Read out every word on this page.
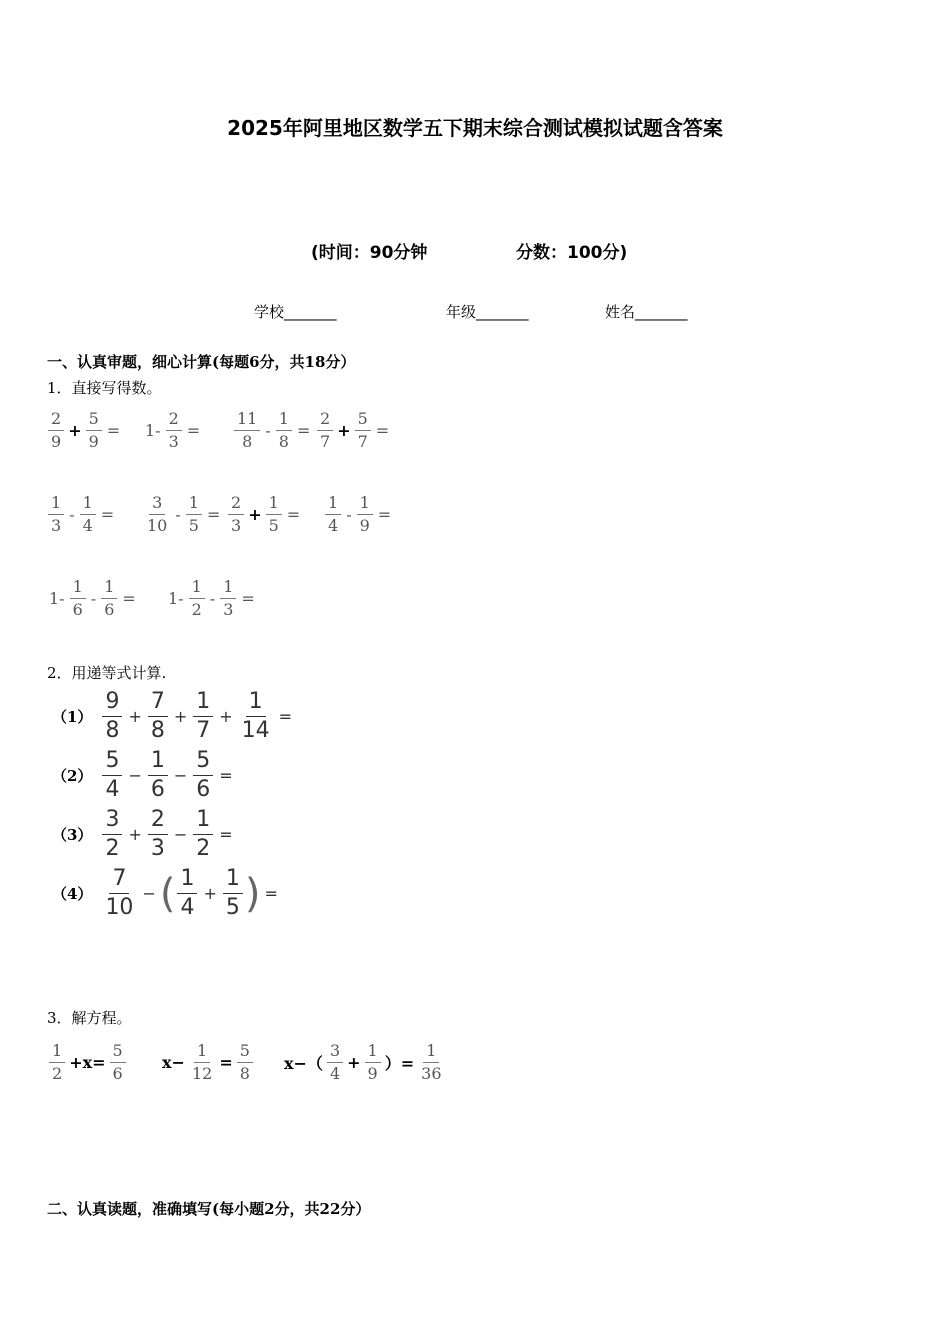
2025年阿里地区数学五下期末综合测试模拟试题含答案
(时间：90分钟	分数：100分)
学校_______	年级_______	姓名_______
一、认真审题，细心计算(每题6分，共18分）
1．直接写得数。
$\frac{2}{9} + \frac{5}{9} = 1- \frac{2}{3} = \frac{11}{8} - \frac{1}{8} = \frac{2}{7} + \frac{5}{7}$ =
$\frac{1}{3} - \frac{1}{4} = \frac{3}{10} - \frac{1}{5} = \frac{2}{3} + \frac{1}{5} = \frac{1}{4} - \frac{1}{9}$ =
$1- \frac{1}{6} - \frac{1}{6} = 1- \frac{1}{2} - \frac{1}{3}$ =
2．用递等式计算.
$(1) \frac{9}{8} + \frac{7}{8} + \frac{1}{7} + \frac{1}{14}$ =
$(2) \frac{5}{4} - \frac{1}{6} - \frac{5}{6}$ =
$(3) \frac{3}{2} + \frac{2}{3} - \frac{1}{2}$ =
$(4) \frac{7}{10}$ − ( $\frac{1}{4} + \frac{1}{5}$ ) =
3．解方程。
$\frac{1}{2} +x= \frac{5}{6} x- \frac{1}{12} = \frac{5}{8} x-( \frac{3}{4} + \frac{1}{9}$ ）= $\frac{1}{36}$
二、认真读题，准确填写(每小题2分，共22分）
